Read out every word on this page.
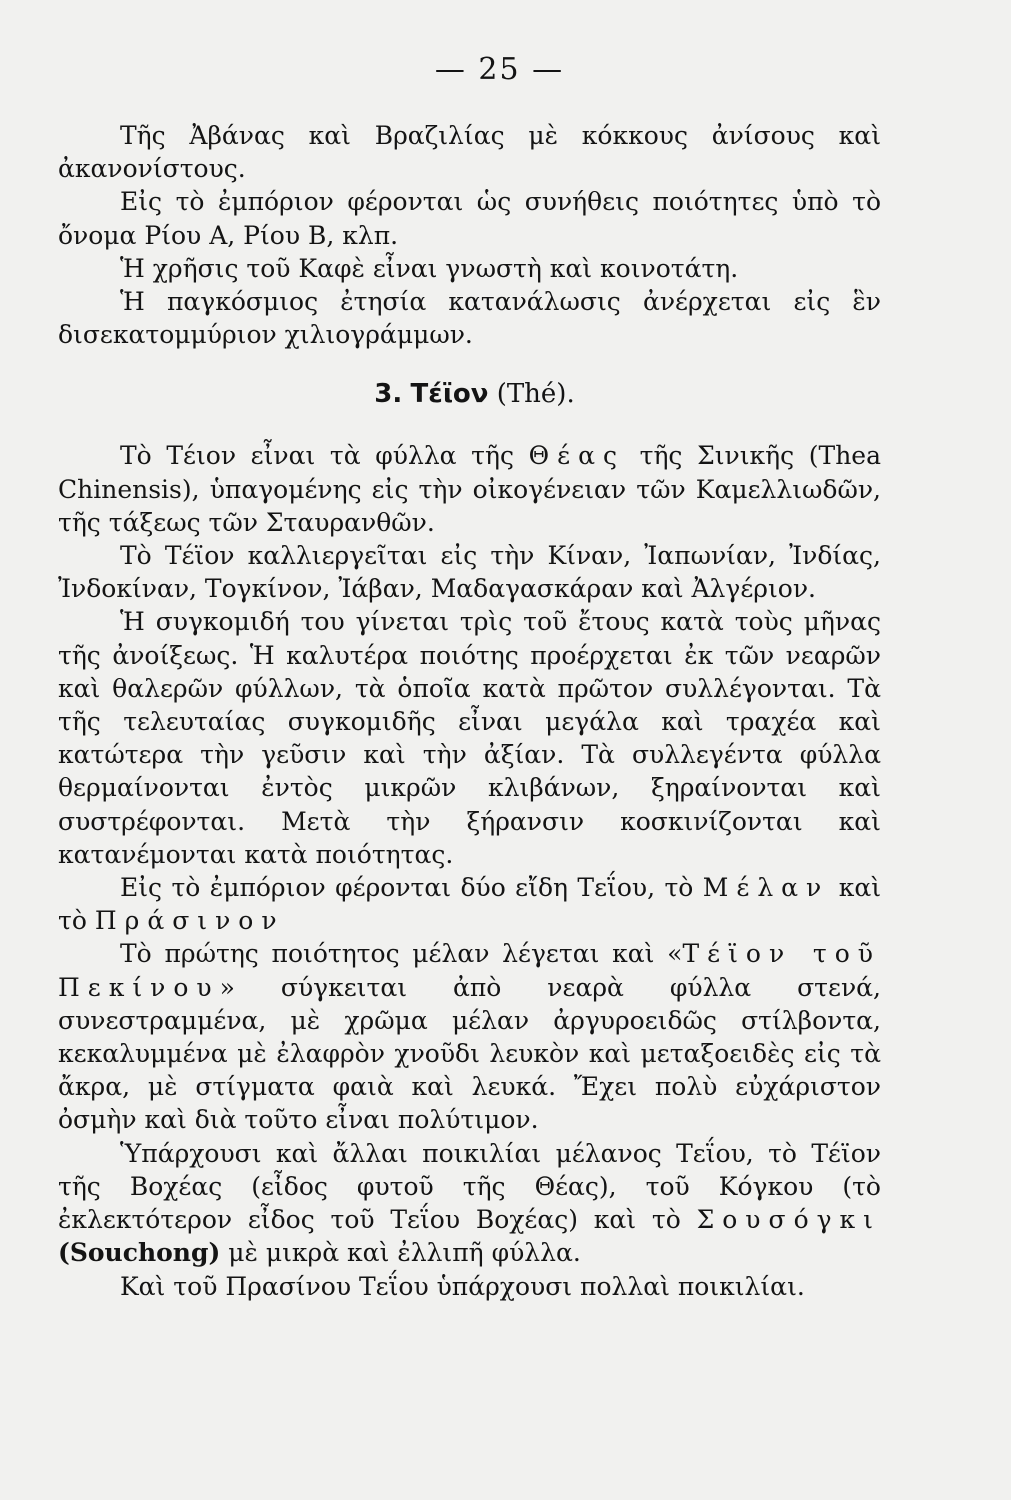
— 25 —

Τῆς Ἀβάνας καὶ Βραζιλίας μὲ κόκκους ἀνίσους καὶ ἀκανονίστους.

Εἰς τὸ ἐμπόριον φέρονται ὡς συνήθεις ποιότητες ὑπὸ τὸ ὄνομα Ρίου Α, Ρίου Β, κλπ.

Ἡ χρῆσις τοῦ Καφὲ εἶναι γνωστὴ καὶ κοινοτάτη.

Ἡ παγκόσμιος ἐτησία κατανάλωσις ἀνέρχεται εἰς ἓν δισεκατομμύριον χιλιογράμμων.

3. Τέϊον (Thé).

Τὸ Τέιον εἶναι τὰ φύλλα τῆς Θέας τῆς Σινικῆς (Thea Chinensis), ὑπαγομένης εἰς τὴν οἰκογένειαν τῶν Καμελλιωδῶν, τῆς τάξεως τῶν Σταυρανθῶν.

Τὸ Τέϊον καλλιεργεῖται εἰς τὴν Κίναν, Ἰαπωνίαν, Ἰνδίας, Ἰνδοκίναν, Τογκίνον, Ἰάβαν, Μαδαγασκάραν καὶ Ἀλγέριον.

Ἡ συγκομιδή του γίνεται τρὶς τοῦ ἔτους κατὰ τοὺς μῆνας τῆς ἀνοίξεως. Ἡ καλυτέρα ποιότης προέρχεται ἐκ τῶν νεαρῶν καὶ θαλερῶν φύλλων, τὰ ὁποῖα κατὰ πρῶτον συλλέγονται. Τὰ τῆς τελευταίας συγκομιδῆς εἶναι μεγάλα καὶ τραχέα καὶ κατώτερα τὴν γεῦσιν καὶ τὴν ἀξίαν. Τὰ συλλεγέντα φύλλα θερμαίνονται ἐντὸς μικρῶν κλιβάνων, ξηραίνονται καὶ συστρέφονται. Μετὰ τὴν ξήρανσιν κοσκινίζονται καὶ κατανέμονται κατὰ ποιότητας.

Εἰς τὸ ἐμπόριον φέρονται δύο εἴδη Τεΐου, τὸ Μέλαν καὶ τὸ Πράσινον

Τὸ πρώτης ποιότητος μέλαν λέγεται καὶ «Τέϊον τοῦ Πεκίνου» σύγκειται ἀπὸ νεαρὰ φύλλα στενά, συνεστραμμένα, μὲ χρῶμα μέλαν ἀργυροειδῶς στίλβοντα, κεκαλυμμένα μὲ ἐλαφρὸν χνοῦδι λευκὸν καὶ μεταξοειδὲς εἰς τὰ ἄκρα, μὲ στίγματα φαιὰ καὶ λευκά. Ἔχει πολὺ εὐχάριστον ὀσμὴν καὶ διὰ τοῦτο εἶναι πολύτιμον.

Ὑπάρχουσι καὶ ἄλλαι ποικιλίαι μέλανος Τεΐου, τὸ Τέϊον τῆς Βοχέας (εἶδος φυτοῦ τῆς Θέας), τοῦ Κόγκου (τὸ ἐκλεκτότερον εἶδος τοῦ Τεΐου Βοχέας) καὶ τὸ Σουσόγκι (Souchong) μὲ μικρὰ καὶ ἐλλιπῆ φύλλα.

Καὶ τοῦ Πρασίνου Τεΐου ὑπάρχουσι πολλαὶ ποικιλίαι.
